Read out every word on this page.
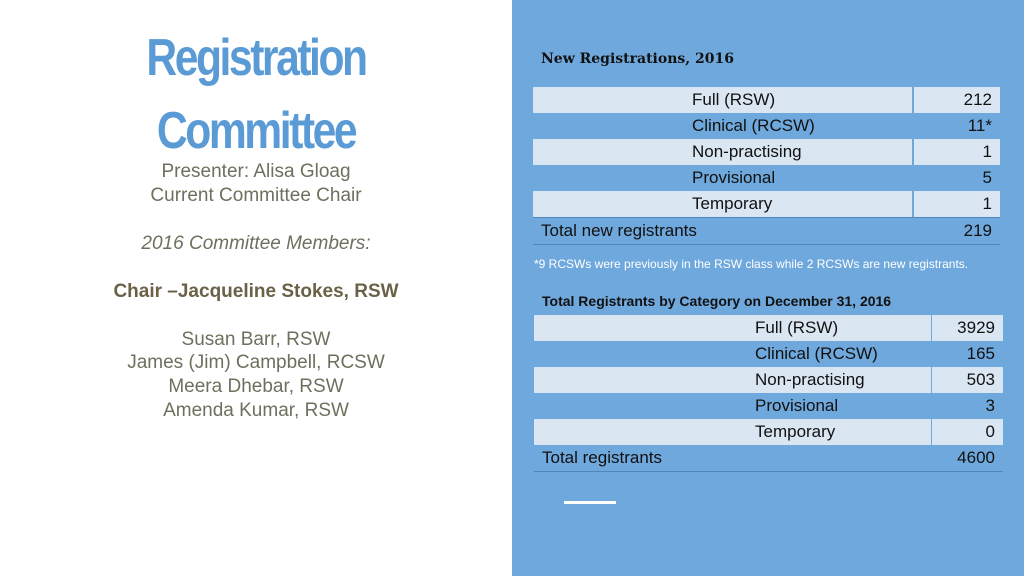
Registration
Committee
Presenter: Alisa Gloag
Current Committee Chair
2016 Committee Members:
Chair –Jacqueline Stokes, RSW
Susan Barr, RSW
James (Jim) Campbell, RCSW
Meera Dhebar, RSW
Amenda Kumar, RSW
New Registrations, 2016
Full (RSW)		212
Clinical (RCSW)		11*
Non-practising		1
Provisional		5
Temporary		1
Total new registrants		219
*9 RCSWs were previously in the RSW class while 2 RCSWs are new registrants.
Total Registrants by Category on December 31, 2016
Full (RSW)		3929
Clinical (RCSW)		165
Non-practising		503
Provisional		3
Temporary		0
Total registrants		4600
